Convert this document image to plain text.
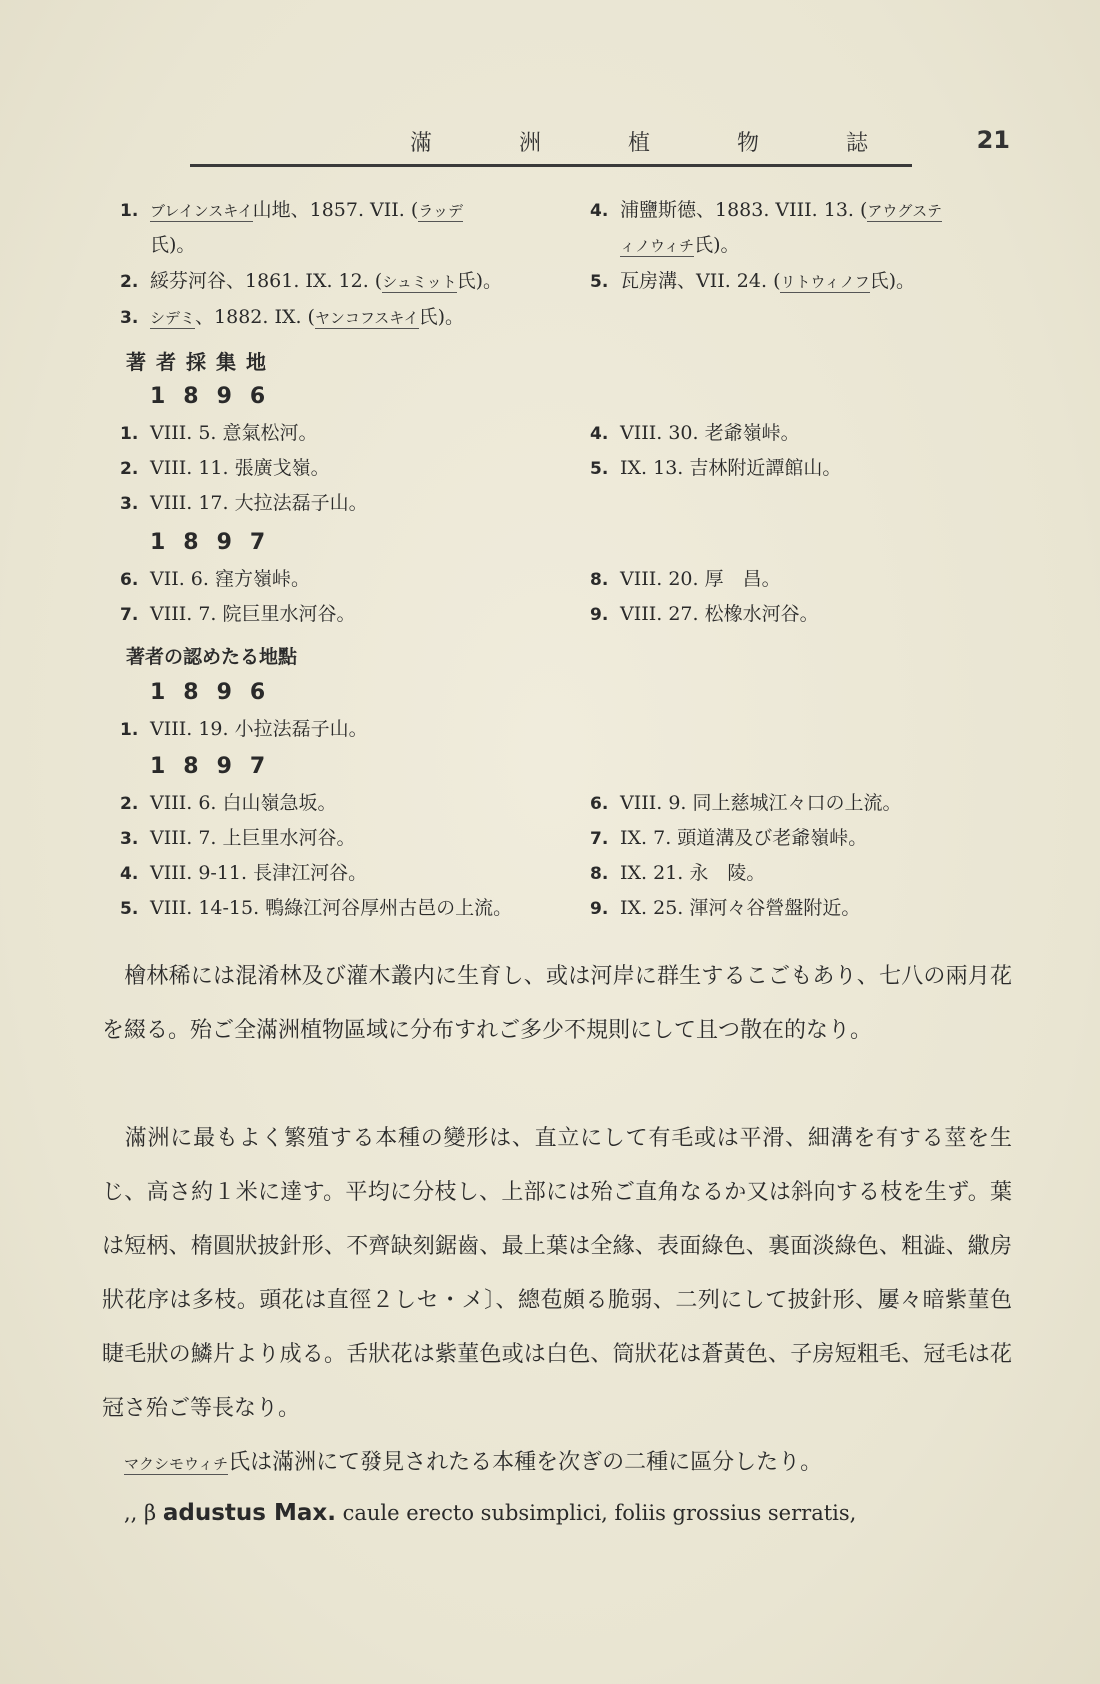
滿 洲 植 物 誌	21
1. ブレインスキイ山地、1857. VII. (ラッデ
氏)。
2. 綏芬河谷、1861. IX. 12. (シュミット氏)。
3. シデミ、1882. IX. (ヤンコフスキイ氏)。
4. 浦鹽斯德、1883. VIII. 13. (アウグステ
ィノウィチ氏)。
5. 瓦房溝、VII. 24. (リトウィノフ氏)。
著者採集地
1896
1. VIII. 5. 意氣松河。
2. VIII. 11. 張廣戈嶺。
3. VIII. 17. 大拉法磊子山。
4. VIII. 30. 老爺嶺峠。
5. IX. 13. 吉林附近譚館山。
1897
6. VII. 6. 窪方嶺峠。
7. VIII. 7. 院巨里水河谷。
8. VIII. 20. 厚　昌。
9. VIII. 27. 松橡水河谷。
著者の認めたる地點
1896
1. VIII. 19. 小拉法磊子山。
1897
2. VIII. 6. 白山嶺急坂。
3. VIII. 7. 上巨里水河谷。
4. VIII. 9-11. 長津江河谷。
5. VIII. 14-15. 鴨綠江河谷厚州古邑の上流。
6. VIII. 9. 同上慈城江々口の上流。
7. IX. 7. 頭道溝及び老爺嶺峠。
8. IX. 21. 永　陵。
9. IX. 25. 渾河々谷營盤附近。

　檜林稀には混淆林及び灌木叢内に生育し、或は河岸に群生するこごもあり、七八の兩月花を綴る。殆ご全滿洲植物區域に分布すれご多少不規則にして且つ散在的なり。

　滿洲に最もよく繁殖する本種の變形は、直立にして有毛或は平滑、細溝を有する莖を生じ、高さ約１米に達す。平均に分枝し、上部には殆ご直角なるか又は斜向する枝を生ず。葉は短柄、楕圓狀披針形、不齊缺刻鋸齒、最上葉は全緣、表面綠色、裏面淡綠色、粗澁、繖房狀花序は多枝。頭花は直徑２しセ・メ〕、總苞頗る脆弱、二列にして披針形、屢々暗紫菫色睫毛狀の鱗片より成る。舌狀花は紫菫色或は白色、筒狀花は蒼黃色、子房短粗毛、冠毛は花冠さ殆ご等長なり。

　マクシモウィチ氏は滿洲にて發見されたる本種を次ぎの二種に區分したり。

,, β adustus Max. caule erecto subsimplici, foliis grossius serratis,
